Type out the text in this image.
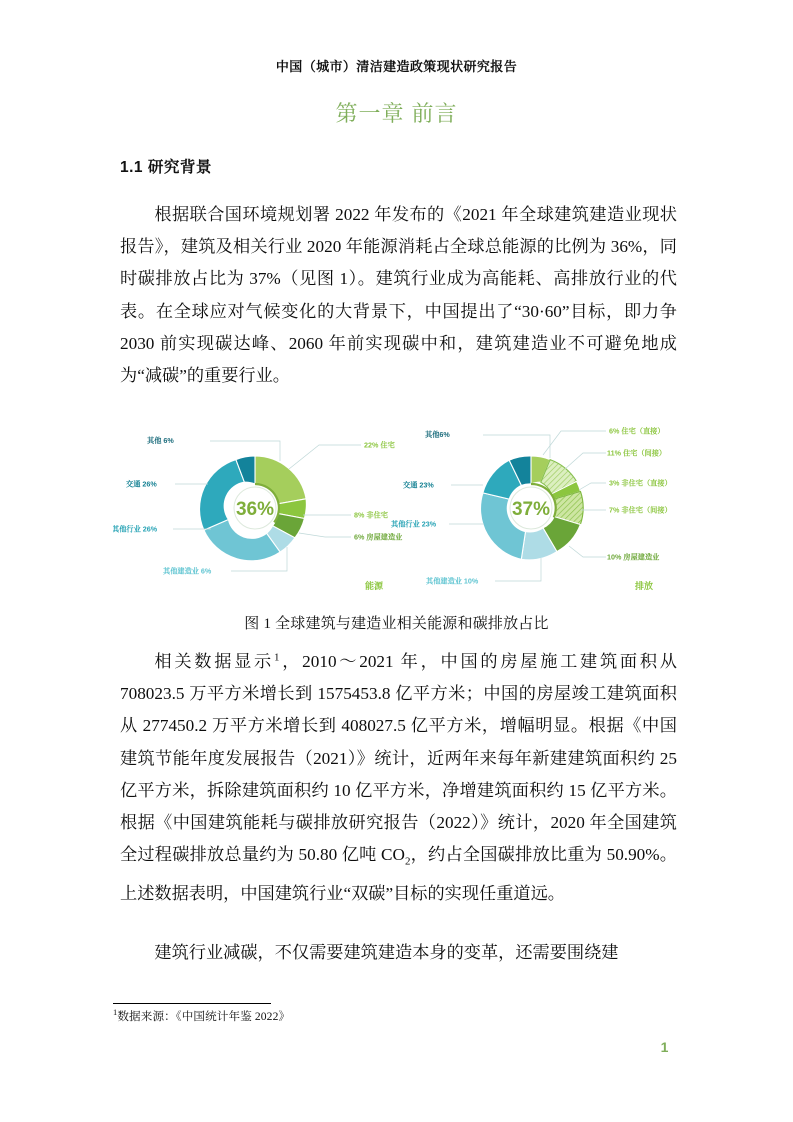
中国（城市）清洁建造政策现状研究报告
第一章 前言
1.1 研究背景
根据联合国环境规划署 2022 年发布的《2021 年全球建筑建造业现状报告》，建筑及相关行业 2020 年能源消耗占全球总能源的比例为 36%，同时碳排放占比为 37%（见图 1）。建筑行业成为高能耗、高排放行业的代表。在全球应对气候变化的大背景下，中国提出了“30·60”目标，即力争 2030 前实现碳达峰、2060 年前实现碳中和，建筑建造业不可避免地成为“减碳”的重要行业。
36%
其他 6%	22% 住宅
8% 非住宅
6% 房屋建造业
其他建造业 6%
其他行业 26%
交通 26%
能源
37%
其他6%	6% 住宅（直接）
11% 住宅（间接）
3% 非住宅（直接）
7% 非住宅（间接）
10% 房屋建造业
其他建造业 10%
其他行业 23%
交通 23%
排放
图 1 全球建筑与建造业相关能源和碳排放占比
相关数据显示$^1$，2010～2021 年，中国的房屋施工建筑面积从 708023.5 万平方米增长到 1575453.8 亿平方米；中国的房屋竣工建筑面积从 277450.2 万平方米增长到 408027.5 亿平方米，增幅明显。根据《中国建筑节能年度发展报告（2021）》统计，近两年来每年新建建筑面积约 25 亿平方米，拆除建筑面积约 10 亿平方米，净增建筑面积约 15 亿平方米。根据《中国建筑能耗与碳排放研究报告（2022）》统计，2020 年全国建筑全过程碳排放总量约为 50.80 亿吨 $CO_2$，约占全国碳排放比重为 50.90%。上述数据表明，中国建筑行业“双碳”目标的实现任重道远。
建筑行业减碳，不仅需要建筑建造本身的变革，还需要围绕建
$^1$数据来源：《中国统计年鉴 2022》
1
